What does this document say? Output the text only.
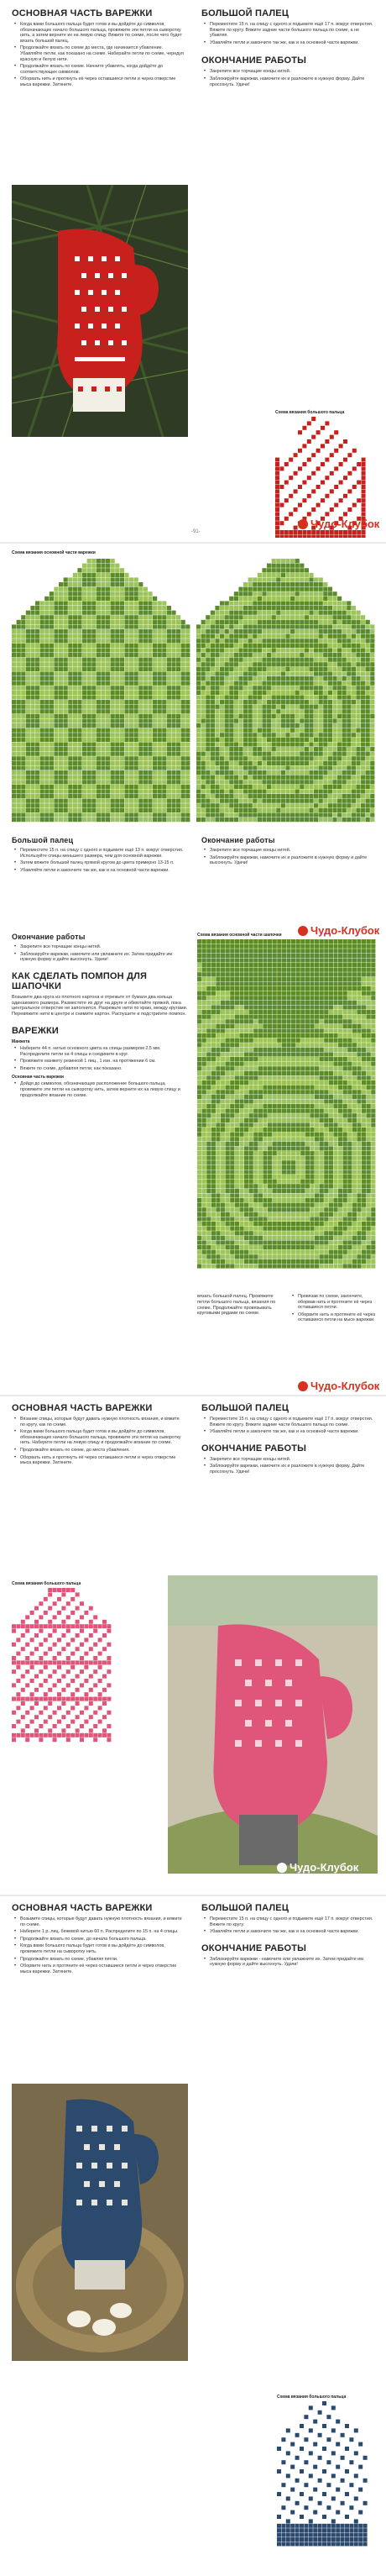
ОСНОВНАЯ ЧАСТЬ ВАРЕЖКИ
• Когда вами большого пальца будет готов и вы дойдёте до символов, обозначающих начало большого пальца, провяжите эти петли на сыворотку нить, а затем верните их на левую спицу. Вяжите по схеме, после чего будет вязать большой палец.
• Продолжайте вязать по схеме до места, где начинается убавление. Убавляйте петли, как показано на схеме. Набирайте петли по схеме, чередуя красную и белую нити.
• Продолжайте вязать по схеме. Начните убавлять, когда дойдёте до соответствующих символов.
• Оборвать нить и протянуть её через оставшиеся петли и через отверстие мыса варежки. Затяните.
БОЛЬШОЙ ПАЛЕЦ
• Переместите 15 п. на спицу с одного и подымите ещё 17 п. вокруг отверстия. Вяжите по кругу. Вяжите задние части большого пальца по схеме, а не убавляя.
• Убавляйте петли и закончите так же, как и на основной части варежки.
ОКОНЧАНИЕ РАБОТЫ
• Закрепите все торчащие концы нитей.
• Заблокируйте варежки, намочите их и разложите в нужную форму. Дайте просохнуть. Удачи!
Схема вязания большого пальца
Чудо-Клубок
-91-
Схема вязания основной части варежки
Большой палец
• Переместите 15 п. на спицу с одного и подымите ещё 13 п. вокруг отверстия. Используйте спицы меньшего размера, чем для основной варежки.
• Затем вяжите большой палец прямой кругом до цвета примерно 13-15 п.
• Убавляйте петли и закончите так же, как и на основной части варежки.
Окончание работы
• Закрепите все торчащие концы нитей.
• Заблокируйте варежки, намочите их и разложите в нужную форму и дайте высохнуть. Удачи!
Чудо-Клубок
Окончание работы
• Закрепите все торчащие концы нитей.
• Заблокируйте варежки, намочите или увлажните их. Затем придайте им нужную форму и дайте высохнуть. Удачи!
КАК СДЕЛАТЬ ПОМПОН ДЛЯ ШАПОЧКИ

Возьмите два круга из плотного картона и отрежьте от бумаги два кольца одинакового размера. Разместите их друг на друге и обмотайте пряжей, пока центральное отверстие не заполнится. Разрежьте нити по краю, между кругами. Перевяжите нити в центре и снимите картон. Распушите и подстригите помпон.

ВАРЕЖКИ
Манжета
• Наберите 44 п. нитью основного цвета на спицы размером 2,5 мм. Распределите петли на 4 спицы и соедините в круг.
• Провяжите манжету резинкой 1 лиц., 1 изн. на протяжении 6 см.
• Вяжите по схеме, добавляя петли, как показано.
Основная часть варежки
• Дойдя до символов, обозначающих расположение большого пальца, провяжите эти петли на сыворотку нить, затем верните их на левую спицу и продолжайте вязание по схеме.
Схема вязания основной части шапочки

вязать большой палец. Провяжите петли большого пальца, вязания по схеме. Продолжайте провязывать круговыми рядами по схеме.

• Провязав по схеме, закончите, оборвав нить и протяните её через оставшиеся петли.
• Оборвите нить и протяните её через оставшиеся петли на мысе варежки.
Чудо-Клубок
ОСНОВНАЯ ЧАСТЬ ВАРЕЖКИ
• Вязание спицы, которые будут давать нужную плотность вязания, и вяжите по кругу, как по схеме.
• Когда вами большого пальца будет готов и вы дойдёте до символов, обозначающих начало большого пальца, провяжите эти петли на сыворотку нить. Наберите петли на левую спицу и продолжайте вязание по схеме.
• Продолжайте вязать по схеме, до места убавления.
• Оборвать нить и протянуть её через оставшиеся петли и через отверстие мыса варежки. Затяните.
БОЛЬШОЙ ПАЛЕЦ
• Переместите 15 п. на спицу с одного и подымите ещё 17 п. вокруг отверстия. Вяжите по кругу. Вяжите задние части большого пальца по схеме.
• Убавляйте петли и закончите так же, как и на основной части варежки.
ОКОНЧАНИЕ РАБОТЫ
• Закрепите все торчащие концы нитей.
• Заблокируйте варежки, намочите их и разложите в нужную форму. Дайте просохнуть. Удачи!
Схема вязания большого пальца
Чудо-Клубок
ОСНОВНАЯ ЧАСТЬ ВАРЕЖКИ
• Возьмите спицы, которые будут давать нужную плотность вязания, и вяжите по схеме.
• Наберите 1 р. лиц. бежевой нитью 60 п. Распределите по 15 п. на 4 спицы.
• Продолжайте вязать по схеме, до начала большого пальца.
• Когда вами большого пальца будет готов и вы дойдёте до символов, провяжите петли на сыворотку нить.
• Продолжайте вязать по схеме, убавляя петли.
• Оборвите нить и протяните её через оставшиеся петли и через отверстие мыса варежки. Затяните.
БОЛЬШОЙ ПАЛЕЦ
• Переместите 15 п. на спицу с одного и подымите ещё 17 п. вокруг отверстия. Вяжите по кругу.
• Убавляйте петли и закончите так же, как и на основной части варежки.
ОКОНЧАНИЕ РАБОТЫ
• Заблокируйте варежки - намочите или увлажните их. Затем придайте им нужную форму и дайте высохнуть. Удачи!
Схема вязания большого пальца
